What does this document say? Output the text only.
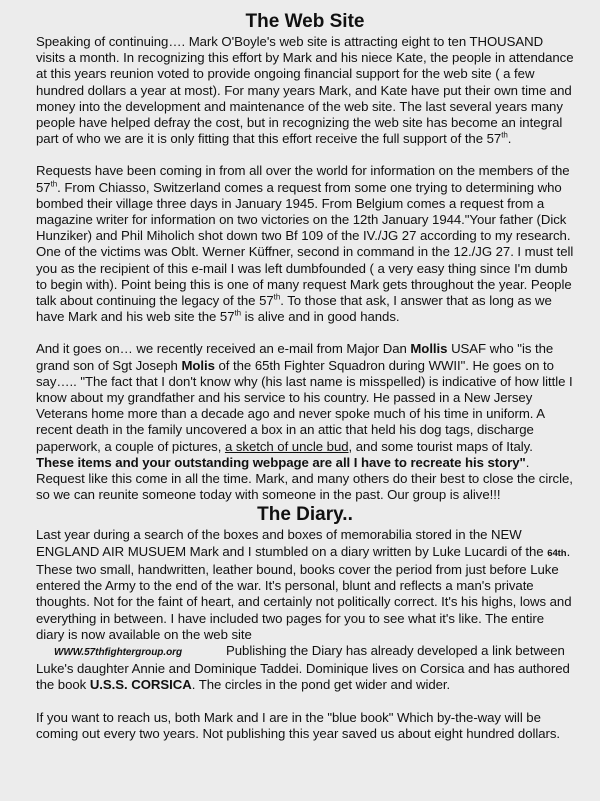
The Web Site

Speaking of continuing…. Mark O'Boyle's web site is attracting eight to ten THOUSAND visits a month. In recognizing this effort by Mark and his niece Kate, the people in attendance at this years reunion voted to provide ongoing financial support for the web site ( a few hundred dollars a year at most). For many years Mark, and Kate have put their own time and money into the development and maintenance of the web site. The last several years many people have helped defray the cost, but in recognizing the web site has become an integral part of who we are it is only fitting that this effort receive the full support of the 57th.

Requests have been coming in from all over the world for information on the members of the 57th. From Chiasso, Switzerland comes a request from some one trying to determining who bombed their village three days in January 1945. From Belgium comes a request from a magazine writer for information on two victories on the 12th January 1944."Your father (Dick Hunziker) and Phil Miholich shot down two Bf 109 of the IV./JG 27 according to my research. One of the victims was Oblt. Werner Küffner, second in command in the 12./JG 27. I must tell you as the recipient of this e-mail I was left dumbfounded ( a very easy thing since I'm dumb to begin with). Point being this is one of many request Mark gets throughout the year. People talk about continuing the legacy of the 57th. To those that ask, I answer that as long as we have Mark and his web site the 57th is alive and in good hands.

And it goes on… we recently received an e-mail from Major Dan Mollis USAF who "is the grand son of Sgt Joseph Molis of the 65th Fighter Squadron during WWII". He goes on to say….. "The fact that I don't know why (his last name is misspelled) is indicative of how little I know about my grandfather and his service to his country. He passed in a New Jersey Veterans home more than a decade ago and never spoke much of his time in uniform. A recent death in the family uncovered a box in an attic that held his dog tags, discharge paperwork, a couple of pictures, a sketch of uncle bud, and some tourist maps of Italy. These items and your outstanding webpage are all I have to recreate his story".

Request like this come in all the time. Mark, and many others do their best to close the circle, so we can reunite someone today with someone in the past. Our group is alive!!!

The Diary..

Last year during a search of the boxes and boxes of memorabilia stored in the NEW ENGLAND AIR MUSUEM Mark and I stumbled on a diary written by Luke Lucardi of the 64th. These two small, handwritten, leather bound, books cover the period from just before Luke entered the Army to the end of the war. It's personal, blunt and reflects a man's private thoughts. Not for the faint of heart, and certainly not politically correct. It's his highs, lows and everything in between. I have included two pages for you to see what it's like. The entire diary is now available on the web site
WWW.57thfightergroup.org	Publishing the Diary has already developed a link between Luke's daughter Annie and Dominique Taddei. Dominique lives on Corsica and has authored the book U.S.S. CORSICA. The circles in the pond get wider and wider.

If you want to reach us, both Mark and I are in the "blue book" Which by-the-way will be coming out every two years. Not publishing this year saved us about eight hundred dollars.
